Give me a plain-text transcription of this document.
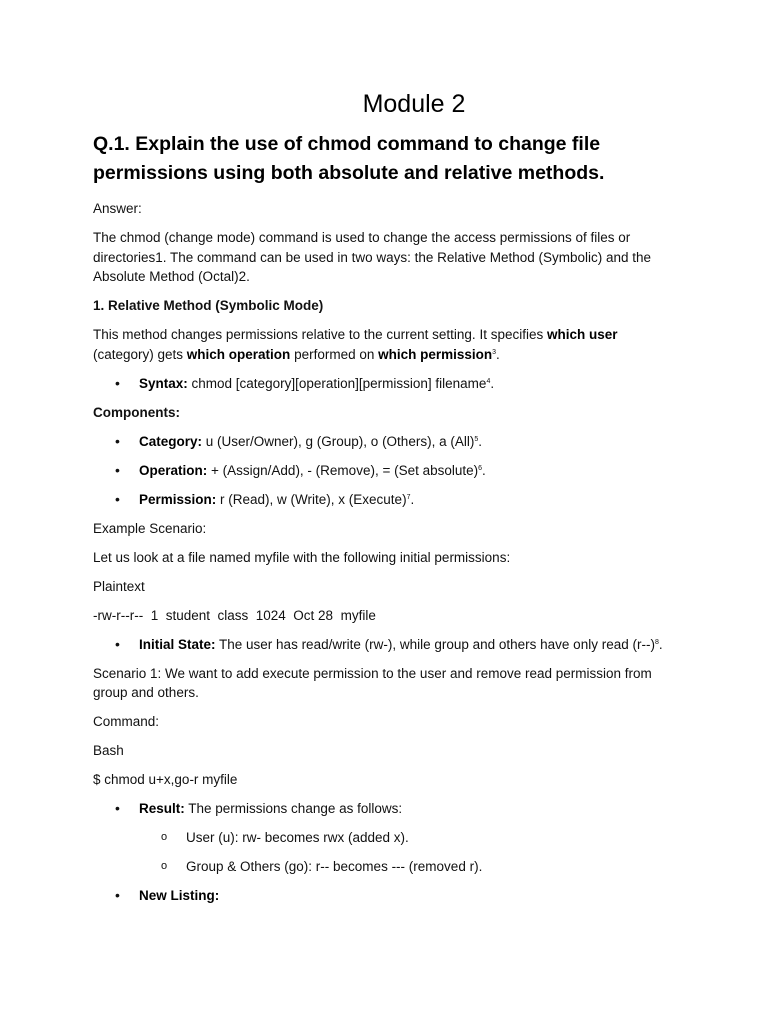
Module 2
Q.1. Explain the use of chmod command to change file permissions using both absolute and relative methods.

Answer:

The chmod (change mode) command is used to change the access permissions of files or directories1. The command can be used in two ways: the Relative Method (Symbolic) and the Absolute Method (Octal)2.

1. Relative Method (Symbolic Mode)

This method changes permissions relative to the current setting. It specifies which user (category) gets which operation performed on which permission$^3$.

• Syntax: chmod [category][operation][permission] filename$^4$.

Components:

• Category: u (User/Owner), g (Group), o (Others), a (All)$^5$.
• Operation: + (Assign/Add), - (Remove), = (Set absolute)$^6$.
• Permission: r (Read), w (Write), x (Execute)$^7$.

Example Scenario:

Let us look at a file named myfile with the following initial permissions:

Plaintext

-rw-r--r--  1  student  class  1024  Oct 28  myfile

• Initial State: The user has read/write (rw-), while group and others have only read $(r--)^8$.

Scenario 1: We want to add execute permission to the user and remove read permission from group and others.

Command:

Bash

$ chmod u+x,go-r myfile

• Result: The permissions change as follows:
o User (u): rw- becomes rwx (added x).
o Group & Others (go): r-- becomes --- (removed r).
• New Listing:
